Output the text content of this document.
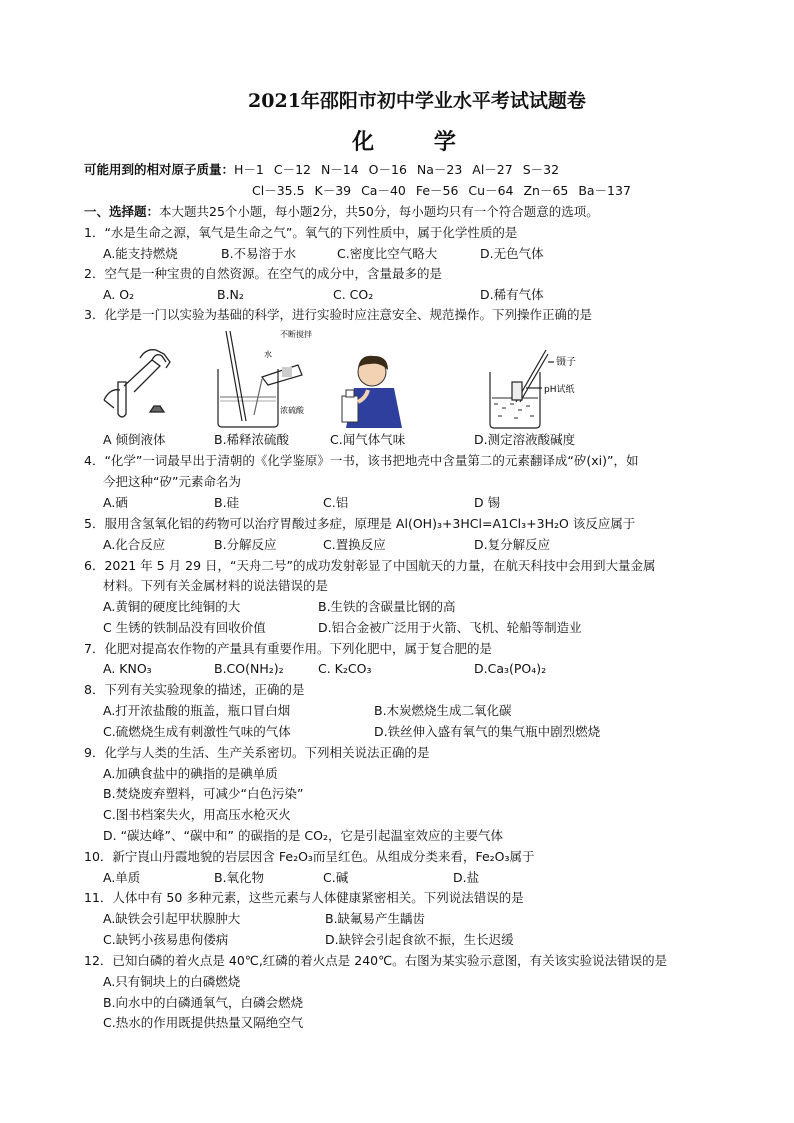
2021年邵阳市初中学业水平考试试题卷
化 学
可能用到的相对原子质量：H－1 C－12 N－14 O－16 Na－23 Al－27 S－32
Cl－35.5 K－39 Ca－40 Fe－56 Cu－64 Zn－65 Ba－137
一、选择题：本大题共25个小题，每小题2分，共50分，每小题均只有一个符合题意的选项。
1．“水是生命之源，氧气是生命之气”。氧气的下列性质中，属于化学性质的是
A.能支持燃烧	B.不易溶于水	C.密度比空气略大	D.无色气体
2．空气是一种宝贵的自然资源。在空气的成分中，含量最多的是
A. O₂	B.N₂	C. CO₂	D.稀有气体
3．化学是一门以实验为基础的科学，进行实验时应注意安全、规范操作。下列操作正确的是
不断搅拌
水
浓硫酸
镊子
pH试纸
A 倾倒液体	B.稀释浓硫酸	C.闻气体气味	D.测定溶液酸碱度
4．“化学”一词最早出于清朝的《化学鉴原》一书，该书把地壳中含量第二的元素翻译成“矽(xi)”，如
今把这种“矽”元素命名为
A.硒	B.硅	C.铝	D 锡
5．服用含氢氧化铝的药物可以治疗胃酸过多症，原理是 Al(OH)₃+3HCl=A1Cl₃+3H₂O 该反应属于
A.化合反应	B.分解反应	C.置换反应	D.复分解反应
6．2021 年 5 月 29 日，“天舟二号”的成功发射彰显了中国航天的力量，在航天科技中会用到大量金属
材料。下列有关金属材料的说法错误的是
A.黄铜的硬度比纯铜的大	B.生铁的含碳量比钢的高
C 生锈的铁制品没有回收价值	D.铝合金被广泛用于火箭、飞机、轮船等制造业
7．化肥对提高农作物的产量具有重要作用。下列化肥中，属于复合肥的是
A. KNO₃	B.CO(NH₂)₂	C. K₂CO₃	D.Ca₃(PO₄)₂
8．下列有关实验现象的描述，正确的是
A.打开浓盐酸的瓶盖，瓶口冒白烟	B.木炭燃烧生成二氧化碳
C.硫燃烧生成有刺激性气味的气体	D.铁丝伸入盛有氧气的集气瓶中剧烈燃烧
9．化学与人类的生活、生产关系密切。下列相关说法正确的是
A.加碘食盐中的碘指的是碘单质
B.焚烧废弃塑料，可减少“白色污染”
C.图书档案失火，用高压水枪灭火
D. “碳达峰”、“碳中和” 的碳指的是 CO₂，它是引起温室效应的主要气体
10．新宁崀山丹霞地貌的岩层因含 Fe₂O₃而呈红色。从组成分类来看，Fe₂O₃属于
A.单质	B.氧化物	C.碱	D.盐
11．人体中有 50 多种元素，这些元素与人体健康紧密相关。下列说法错误的是
A.缺铁会引起甲状腺肿大	B.缺氟易产生龋齿
C.缺钙小孩易患佝偻病	D.缺锌会引起食欲不振，生长迟缓
12．已知白磷的着火点是 40℃,红磷的着火点是 240℃。右图为某实验示意图，有关该实验说法错误的是
A.只有铜块上的白磷燃烧
B.向水中的白磷通氧气，白磷会燃烧
C.热水的作用既提供热量又隔绝空气
